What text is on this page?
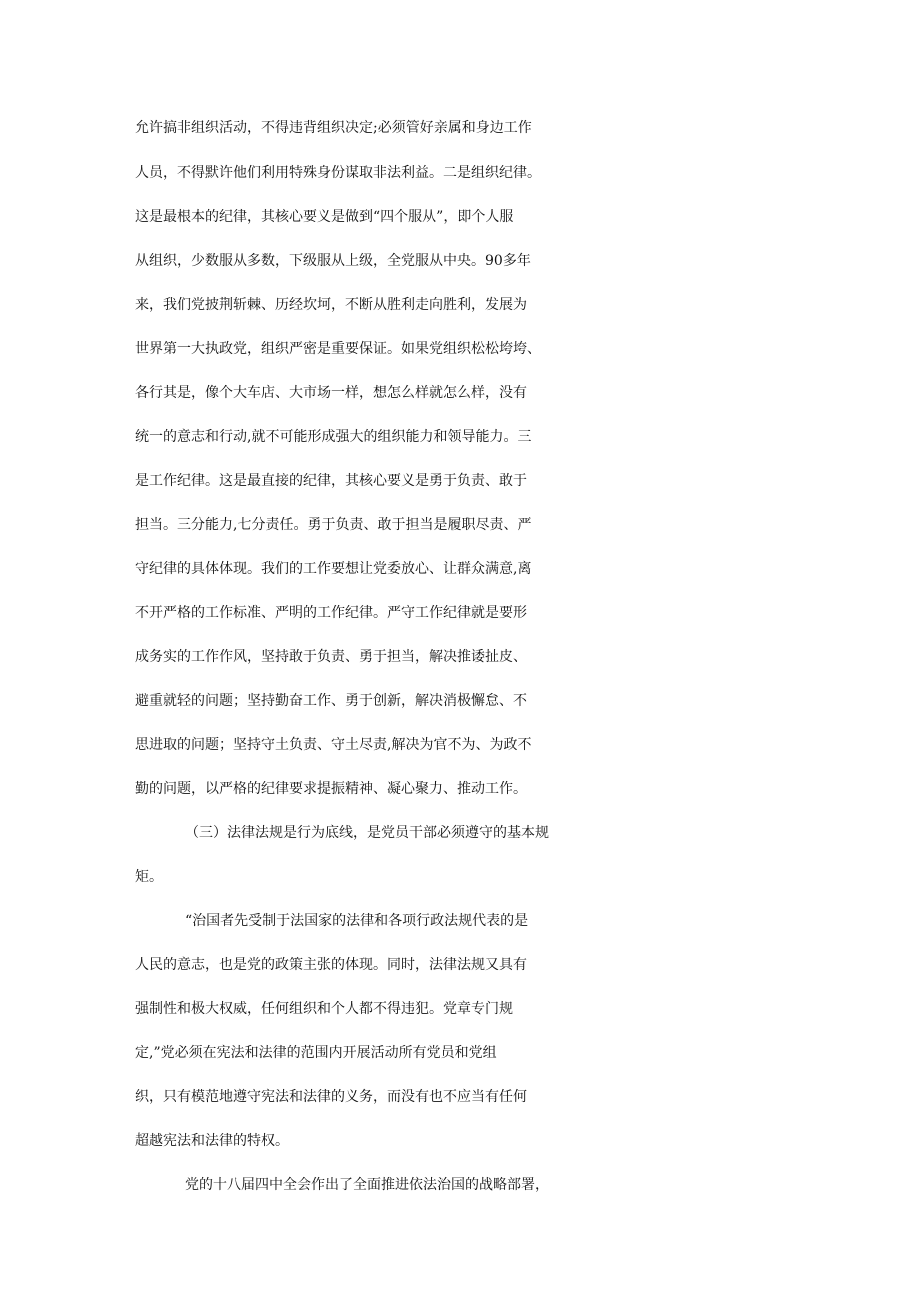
允许搞非组织活动，不得违背组织决定;必须管好亲属和身边工作

人员，不得默许他们利用特殊身份谋取非法利益。二是组织纪律。

这是最根本的纪律，其核心要义是做到“四个服从”，即个人服

从组织，少数服从多数，下级服从上级，全党服从中央。90多年

来，我们党披荆斩棘、历经坎坷，不断从胜利走向胜利，发展为

世界第一大执政党，组织严密是重要保证。如果党组织松松垮垮、

各行其是，像个大车店、大市场一样，想怎么样就怎么样，没有

统一的意志和行动,就不可能形成强大的组织能力和领导能力。三

是工作纪律。这是最直接的纪律，其核心要义是勇于负责、敢于

担当。三分能力,七分责任。勇于负责、敢于担当是履职尽责、严

守纪律的具体体现。我们的工作要想让党委放心、让群众满意,离

不开严格的工作标准、严明的工作纪律。严守工作纪律就是要形

成务实的工作作风，坚持敢于负责、勇于担当，解决推诿扯皮、

避重就轻的问题；坚持勤奋工作、勇于创新，解决消极懈怠、不

思进取的问题；坚持守土负责、守土尽责,解决为官不为、为政不

勤的问题，以严格的纪律要求提振精神、凝心聚力、推动工作。

（三）法律法规是行为底线，是党员干部必须遵守的基本规

矩。

“治国者先受制于法国家的法律和各项行政法规代表的是

人民的意志，也是党的政策主张的体现。同时，法律法规又具有

强制性和极大权威，任何组织和个人都不得违犯。党章专门规

定,”党必须在宪法和法律的范围内开展活动所有党员和党组

织，只有模范地遵守宪法和法律的义务，而没有也不应当有任何

超越宪法和法律的特权。

党的十八届四中全会作出了全面推进依法治国的战略部署，
